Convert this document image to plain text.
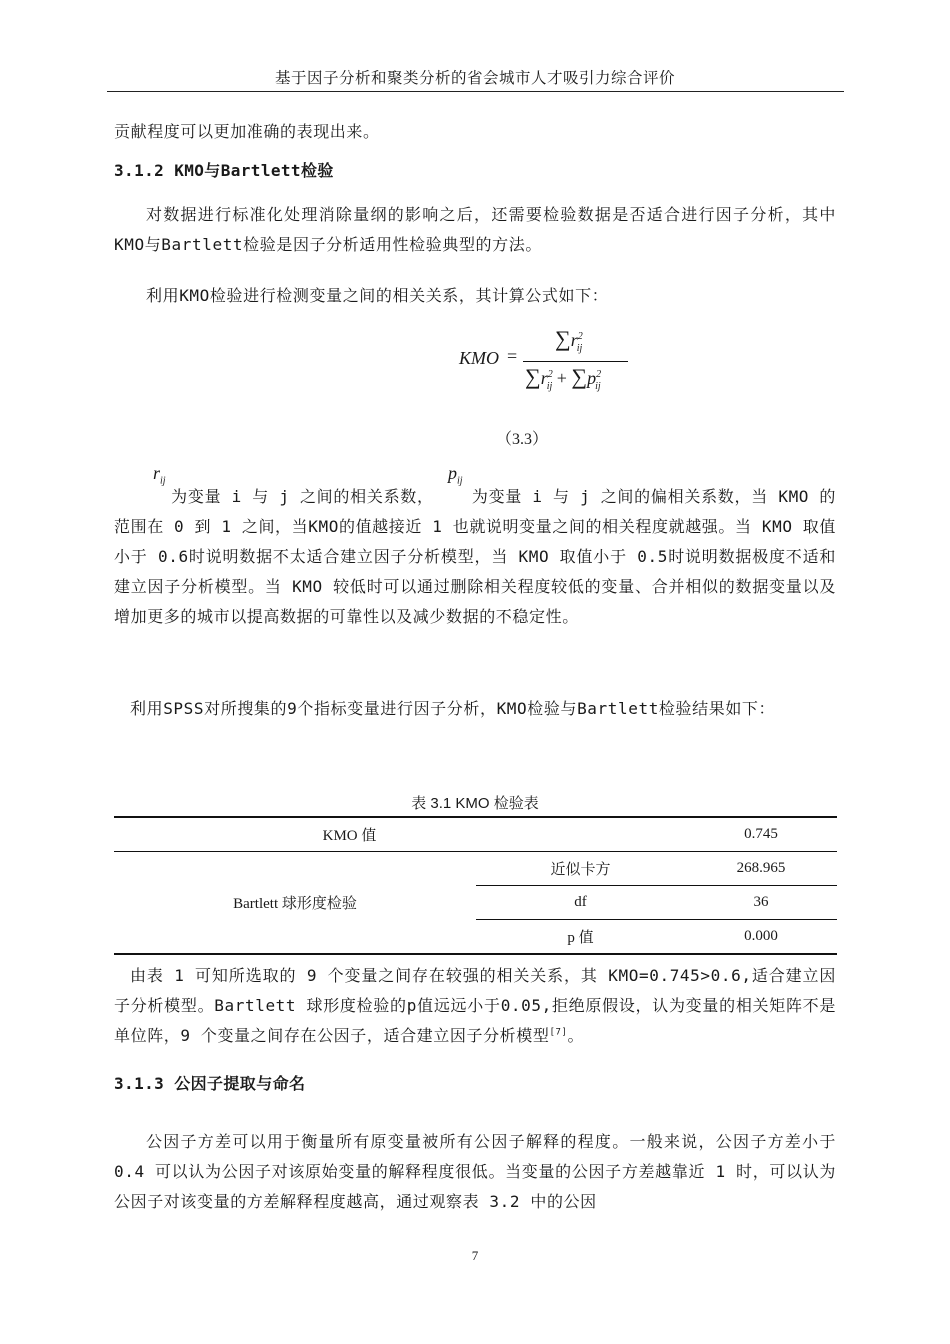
基于因子分析和聚类分析的省会城市人才吸引力综合评价

贡献程度可以更加准确的表现出来。

3.1.2 KMO与Bartlett检验

对数据进行标准化处理消除量纲的影响之后，还需要检验数据是否适合进行因子分析，其中KMO与Bartlett检验是因子分析适用性检验典型的方法。

利用KMO检验进行检测变量之间的相关关系，其计算公式如下：

KMO =
$\sum r^2_{ij}$
$\sum r^2_{ij} + \sum p^2_{ij}$
（3.3）
$r_{ij}$	$p_{ij}$

为变量 i 与 j 之间的相关系数， 为变量 i 与 j 之间的偏相关系数，当 KMO 的范围在 0 到 1 之间，当KMO的值越接近 1 也就说明变量之间的相关程度就越强。当 KMO 取值小于 0.6时说明数据不太适合建立因子分析模型，当 KMO 取值小于 0.5时说明数据极度不适和建立因子分析模型。当 KMO 较低时可以通过删除相关程度较低的变量、合并相似的数据变量以及增加更多的城市以提高数据的可靠性以及减少数据的不稳定性。

利用SPSS对所搜集的9个指标变量进行因子分析，KMO检验与Bartlett检验结果如下：

表 3.1 KMO 检验表
KMO 值		0.745
Bartlett 球形度检验	近似卡方	268.965
	df	36
	p 值	0.000

由表 1 可知所选取的 9 个变量之间存在较强的相关关系，其 KMO=0.745>0.6,适合建立因子分析模型。Bartlett 球形度检验的p值远远小于0.05,拒绝原假设，认为变量的相关矩阵不是单位阵，9 个变量之间存在公因子，适合建立因子分析模型[7]。

3.1.3 公因子提取与命名

公因子方差可以用于衡量所有原变量被所有公因子解释的程度。一般来说，公因子方差小于 0.4 可以认为公因子对该原始变量的解释程度很低。当变量的公因子方差越靠近 1 时，可以认为公因子对该变量的方差解释程度越高，通过观察表 3.2 中的公因

7
